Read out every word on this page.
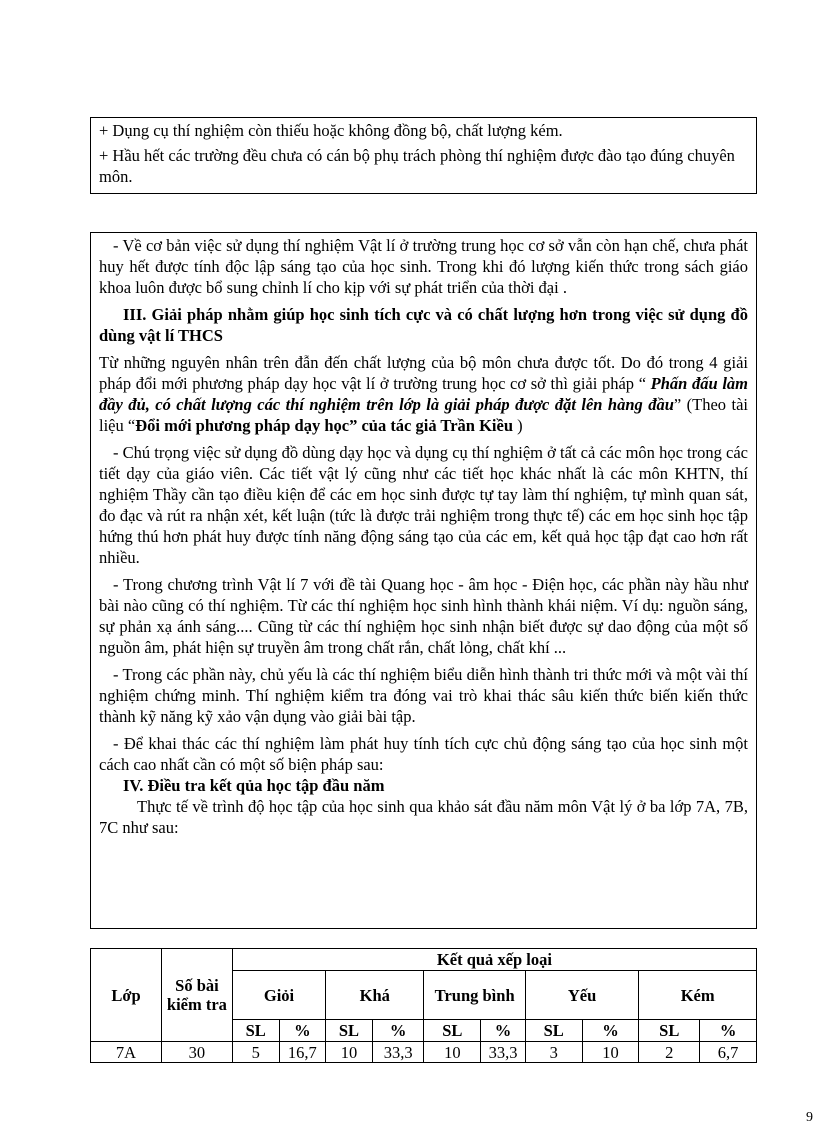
+ Dụng cụ thí nghiệm còn thiếu hoặc không đồng bộ, chất lượng kém.

+ Hầu hết các trường đều chưa có cán bộ phụ trách phòng thí nghiệm được đào tạo đúng chuyên môn.

- Về cơ bản việc sử dụng thí nghiệm Vật lí ở trường trung học cơ sở vẫn còn hạn chế, chưa phát huy hết được tính độc lập sáng tạo của học sinh. Trong khi đó lượng kiến thức trong sách giáo khoa luôn được bổ sung chỉnh lí cho kịp với sự phát triển của thời đại .

III. Giải pháp nhằm giúp học sinh tích cực và có chất lượng hơn trong việc sử dụng đồ dùng vật lí THCS

Từ những nguyên nhân trên đẫn đến chất lượng của bộ môn chưa được tốt. Do đó trong 4 giải pháp đổi mới phương pháp dạy học vật lí ở trường trung học cơ sở thì giải pháp “ Phấn đấu làm đầy đủ, có chất lượng các thí nghiệm trên lớp là giải pháp được đặt lên hàng đầu” (Theo tài liệu “Đổi mới phương pháp dạy học” của tác giả Trần Kiều )

- Chú trọng việc sử dụng đồ dùng dạy học và dụng cụ thí nghiệm ở tất cả các môn học trong các tiết dạy của giáo viên. Các tiết vật lý cũng như các tiết học khác nhất là các môn KHTN, thí nghiệm Thầy cần tạo điều kiện để các em học sinh được tự tay làm thí nghiệm, tự mình quan sát, đo đạc và rút ra nhận xét, kết luận (tức là được trải nghiệm trong thực tế) các em học sinh học tập hứng thú hơn phát huy được tính năng động sáng tạo của các em, kết quả học tập đạt cao hơn rất nhiều.

- Trong chương trình Vật lí 7 với đề tài Quang học - âm học - Điện học, các phần này hầu như bài nào cũng có thí nghiệm. Từ các thí nghiệm học sinh hình thành khái niệm. Ví dụ: nguồn sáng, sự phản xạ ánh sáng.... Cũng từ các thí nghiệm học sinh nhận biết được sự dao động của một số nguồn âm, phát hiện sự truyền âm trong chất rắn, chất lỏng, chất khí ...

- Trong các phần này, chủ yếu là các thí nghiệm biểu diễn hình thành tri thức mới và một vài thí nghiệm chứng minh. Thí nghiệm kiểm tra đóng vai trò khai thác sâu kiến thức biến kiến thức thành kỹ năng kỹ xảo vận dụng vào giải bài tập.

- Để khai thác các thí nghiệm làm phát huy tính tích cực chủ động sáng tạo của học sinh một cách cao nhất cần có một số biện pháp sau:

IV. Điều tra kết qủa học tập đầu năm

Thực tế về trình độ học tập của học sinh qua khảo sát đầu năm môn Vật lý ở ba lớp 7A, 7B, 7C như sau:

Lớp	Số bài kiểm tra	Kết quả xếp loại									
		Giỏi		Khá		Trung bình		Yếu		Kém	
		SL	%	SL	%	SL	%	SL	%	SL	%
7A	30	5	16,7	10	33,3	10	33,3	3	10	2	6,7
9
